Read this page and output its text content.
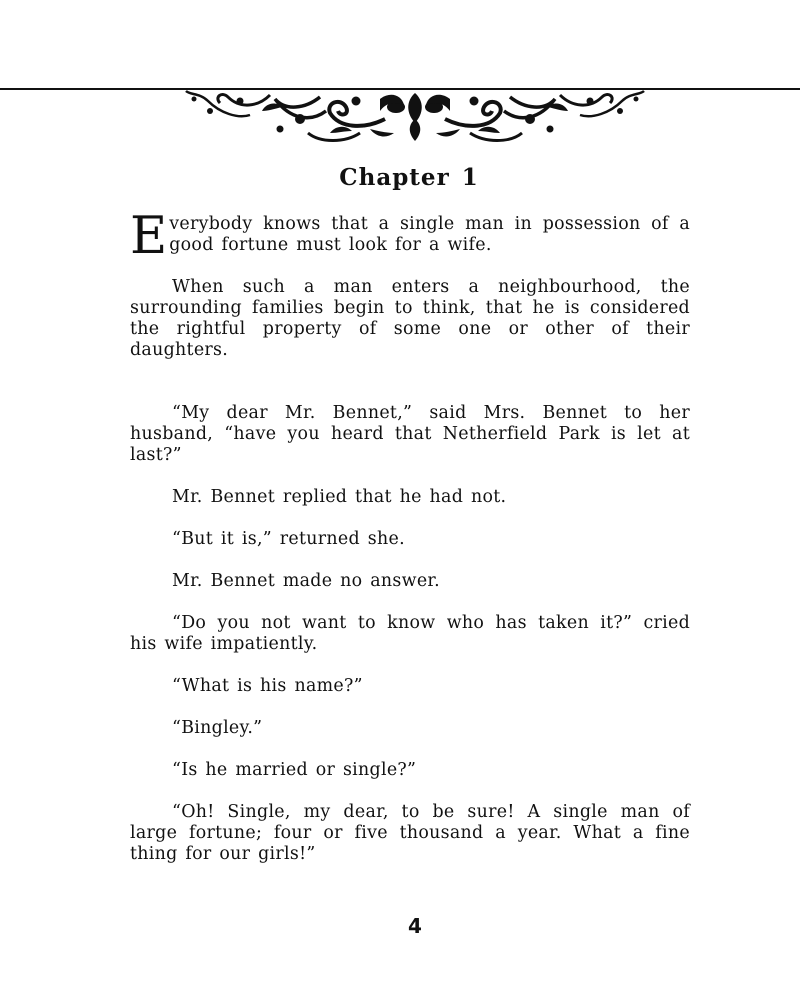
Chapter 1

Everybody knows that a single man in possession of a good fortune must look for a wife.

When such a man enters a neighbourhood, the surrounding families begin to think, that he is considered the rightful property of some one or other of their daughters.

“My dear Mr. Bennet,” said Mrs. Bennet to her husband, “have you heard that Netherfield Park is let at last?”

Mr. Bennet replied that he had not.

“But it is,” returned she.

Mr. Bennet made no answer.

“Do you not want to know who has taken it?” cried his wife impatiently.

“What is his name?”

“Bingley.”

“Is he married or single?”

“Oh! Single, my dear, to be sure! A single man of large fortune; four or five thousand a year. What a fine thing for our girls!”

4
